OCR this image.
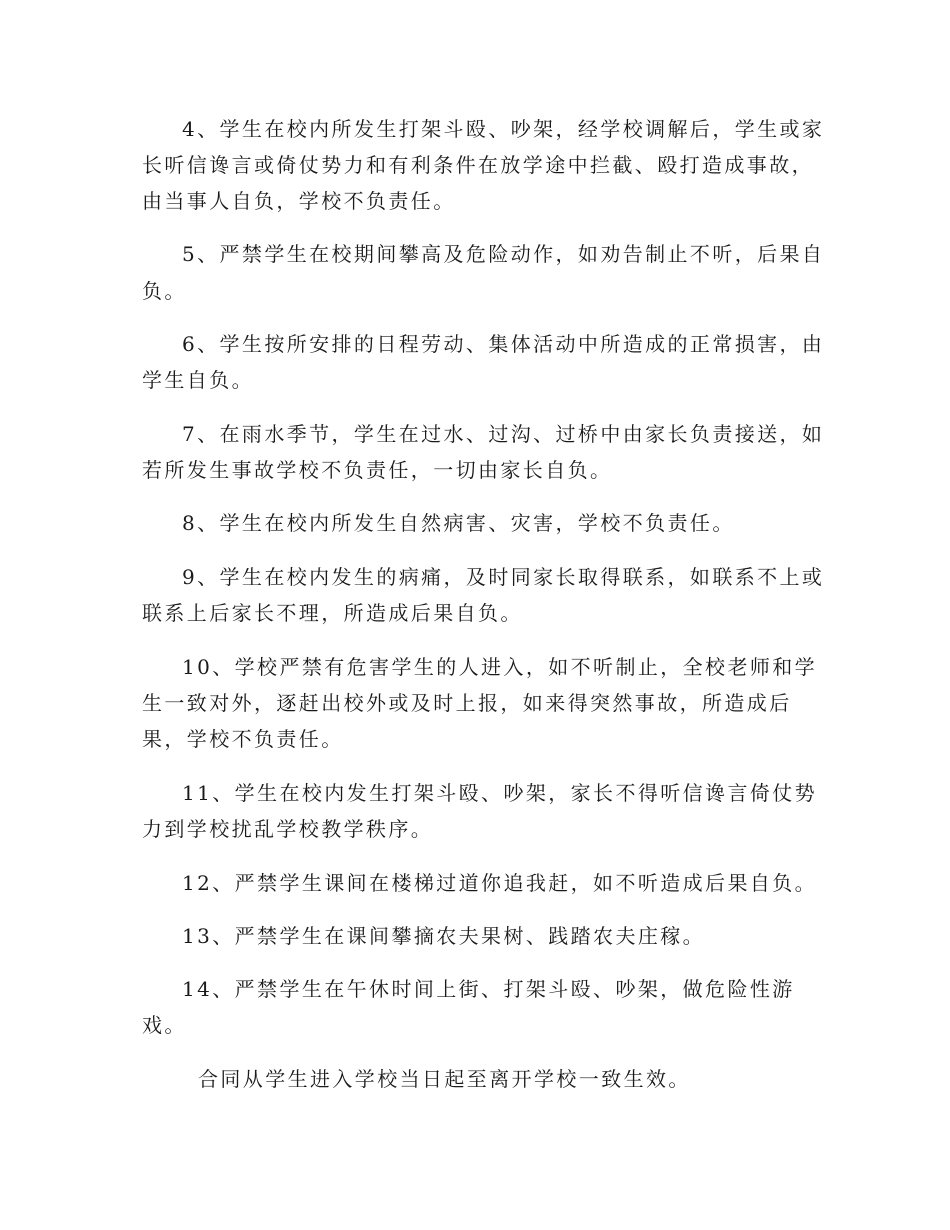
4、学生在校内所发生打架斗殴、吵架，经学校调解后，学生或家
长听信谗言或倚仗势力和有利条件在放学途中拦截、殴打造成事故，
由当事人自负，学校不负责任。
5、严禁学生在校期间攀高及危险动作，如劝告制止不听，后果自
负。
6、学生按所安排的日程劳动、集体活动中所造成的正常损害，由
学生自负。
7、在雨水季节，学生在过水、过沟、过桥中由家长负责接送，如
若所发生事故学校不负责任，一切由家长自负。
8、学生在校内所发生自然病害、灾害，学校不负责任。
9、学生在校内发生的病痛，及时同家长取得联系，如联系不上或
联系上后家长不理，所造成后果自负。
10、学校严禁有危害学生的人进入，如不听制止，全校老师和学
生一致对外，逐赶出校外或及时上报，如来得突然事故，所造成后
果，学校不负责任。
11、学生在校内发生打架斗殴、吵架，家长不得听信谗言倚仗势
力到学校扰乱学校教学秩序。
12、严禁学生课间在楼梯过道你追我赶，如不听造成后果自负。
13、严禁学生在课间攀摘农夫果树、践踏农夫庄稼。
14、严禁学生在午休时间上街、打架斗殴、吵架，做危险性游
戏。
合同从学生进入学校当日起至离开学校一致生效。
